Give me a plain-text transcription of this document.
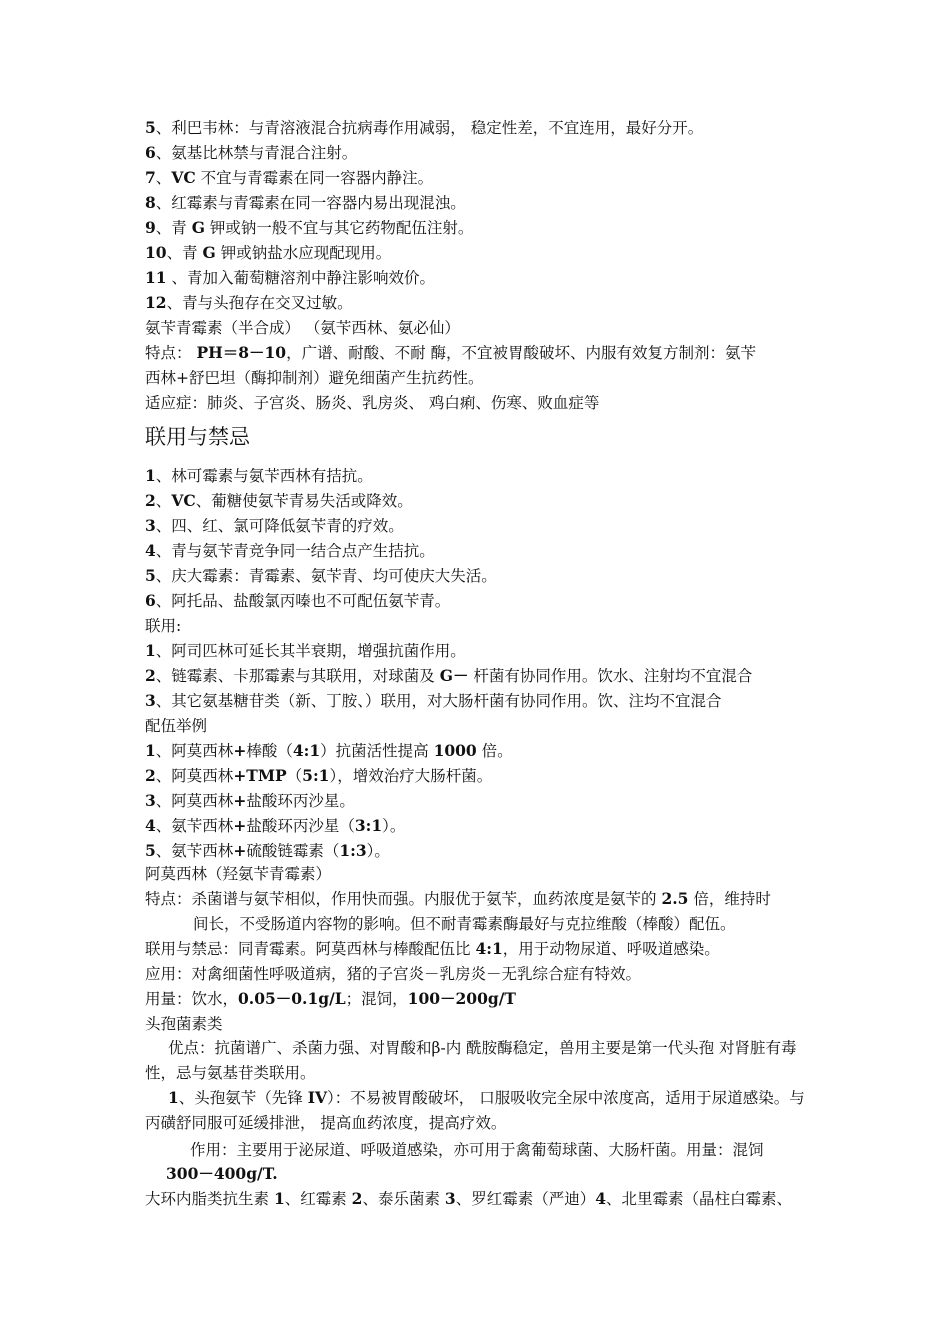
5、利巴韦林：与青溶液混合抗病毒作用减弱， 稳定性差，不宜连用，最好分开。
6、氨基比林禁与青混合注射。
7、VC 不宜与青霉素在同一容器内静注。
8、红霉素与青霉素在同一容器内易出现混浊。
9、青 G 钾或钠一般不宜与其它药物配伍注射。
10、青 G 钾或钠盐水应现配现用。
11 、青加入葡萄糖溶剂中静注影响效价。
12、青与头孢存在交叉过敏。
氨苄青霉素（半合成） （氨苄西林、氨必仙）
特点： PH＝8－10，广谱、耐酸、不耐 酶，不宜被胃酸破坏、内服有效复方制剂：氨苄
西林+舒巴坦（酶抑制剂）避免细菌产生抗药性。
适应症：肺炎、子宫炎、肠炎、乳房炎、 鸡白痢、伤寒、败血症等
联用与禁忌
1、林可霉素与氨苄西林有拮抗。
2、VC、葡糖使氨苄青易失活或降效。
3、四、红、氯可降低氨苄青的疗效。
4、青与氨苄青竞争同一结合点产生拮抗。
5、庆大霉素：青霉素、氨苄青、均可使庆大失活。
6、阿托品、盐酸氯丙嗪也不可配伍氨苄青。
联用:
1、阿司匹林可延长其半衰期，增强抗菌作用。
2、链霉素、卡那霉素与其联用，对球菌及 G－ 杆菌有协同作用。饮水、注射均不宜混合
3、其它氨基糖苷类（新、丁胺、）联用，对大肠杆菌有协同作用。饮、注均不宜混合
配伍举例
1、阿莫西林+棒酸（4:1）抗菌活性提高 1000 倍。
2、阿莫西林+TMP（5:1），增效治疗大肠杆菌。
3、阿莫西林+盐酸环丙沙星。
4、氨苄西林+盐酸环丙沙星（3:1）。
5、氨苄西林+硫酸链霉素（1:3）。
阿莫西林（羟氨苄青霉素）
特点：杀菌谱与氨苄相似，作用快而强。内服优于氨苄，血药浓度是氨苄的 2.5 倍，维持时
间长，不受肠道内容物的影响。但不耐青霉素酶最好与克拉维酸（棒酸）配伍。
联用与禁忌：同青霉素。阿莫西林与棒酸配伍比 4:1，用于动物尿道、呼吸道感染。
应用：对禽细菌性呼吸道病，猪的子宫炎－乳房炎－无乳综合症有特效。
用量：饮水，0.05－0.1g/L；混饲，100－200g/T
头孢菌素类
优点：抗菌谱广、杀菌力强、对胃酸和β-内 酰胺酶稳定，兽用主要是第一代头孢 对肾脏有毒性，忌与氨基苷类联用。
1、头孢氨苄（先锋 IV）：不易被胃酸破坏， 口服吸收完全尿中浓度高，适用于尿道感染。与丙磺舒同服可延缓排泄， 提高血药浓度，提高疗效。
作用：主要用于泌尿道、呼吸道感染，亦可用于禽葡萄球菌、大肠杆菌。用量：混饲
300－400g/T.
大环内脂类抗生素 1、红霉素 2、泰乐菌素 3、罗红霉素（严迪）4、北里霉素（晶柱白霉素、
